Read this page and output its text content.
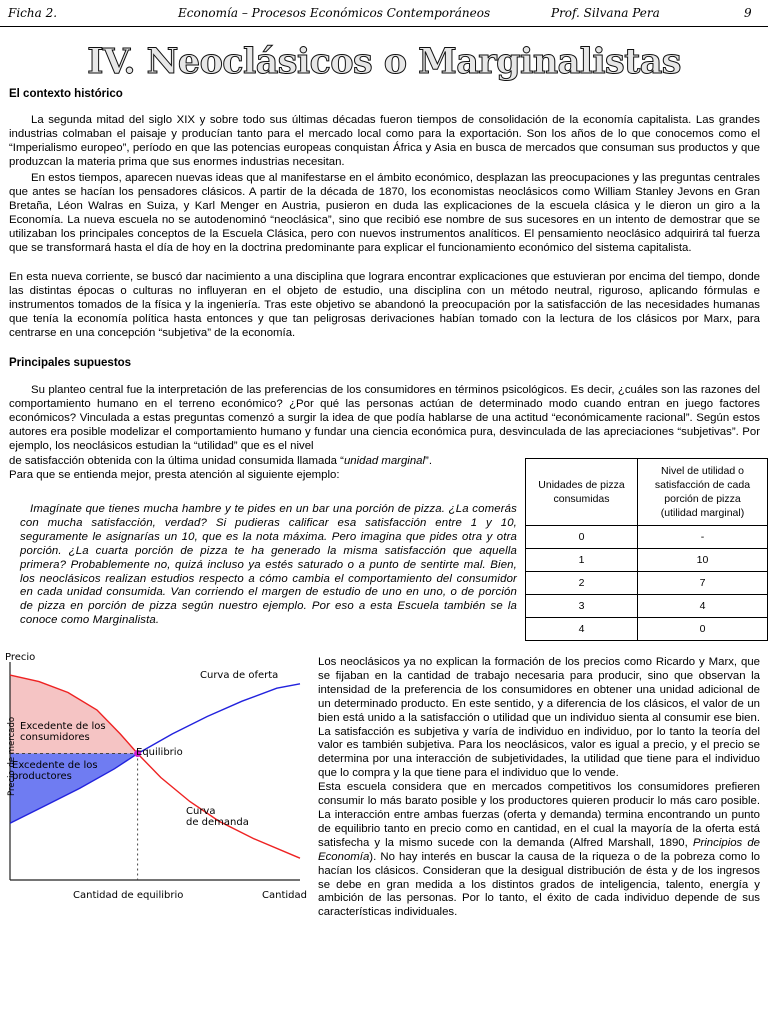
Ficha 2.	Economía – Procesos Económicos Contemporáneos	Prof. Silvana Pera	9
IV. Neoclásicos o Marginalistas
El contexto histórico

La segunda mitad del siglo XIX y sobre todo sus últimas décadas fueron tiempos de consolidación de la economía capitalista. Las grandes industrias colmaban el paisaje y producían tanto para el mercado local como para la exportación. Son los años de lo que conocemos como el “Imperialismo europeo”, período en que las potencias europeas conquistan África y Asia en busca de mercados que consuman sus productos y que produzcan la materia prima que sus enormes industrias necesitan.

En estos tiempos, aparecen nuevas ideas que al manifestarse en el ámbito económico, desplazan las preocupaciones y las preguntas centrales que antes se hacían los pensadores clásicos. A partir de la década de 1870, los economistas neoclásicos como William Stanley Jevons en Gran Bretaña, Léon Walras en Suiza, y Karl Menger en Austria, pusieron en duda las explicaciones de la escuela clásica y le dieron un giro a la Economía. La nueva escuela no se autodenominó “neoclásica”, sino que recibió ese nombre de sus sucesores en un intento de demostrar que se utilizaban los principales conceptos de la Escuela Clásica, pero con nuevos instrumentos analíticos. El pensamiento neoclásico adquirirá tal fuerza que se transformará hasta el día de hoy en la doctrina predominante para explicar el funcionamiento económico del sistema capitalista.

En esta nueva corriente, se buscó dar nacimiento a una disciplina que lograra encontrar explicaciones que estuvieran por encima del tiempo, donde las distintas épocas o culturas no influyeran en el objeto de estudio, una disciplina con un método neutral, riguroso, aplicando fórmulas e instrumentos tomados de la física y la ingeniería. Tras este objetivo se abandonó la preocupación por la satisfacción de las necesidades humanas que tenía la economía política hasta entonces y que tan peligrosas derivaciones habían tomado con la lectura de los clásicos por Marx, para centrarse en una concepción “subjetiva” de la economía.

Principales supuestos

Su planteo central fue la interpretación de las preferencias de los consumidores en términos psicológicos. Es decir, ¿cuáles son las razones del comportamiento humano en el terreno económico? ¿Por qué las personas actúan de determinado modo cuando entran en juego factores económicos? Vinculada a estas preguntas comenzó a surgir la idea de que podía hablarse de una actitud “económicamente racional”. Según estos autores era posible modelizar el comportamiento humano y fundar una ciencia económica pura, desvinculada de las apreciaciones “subjetivas”. Por ejemplo, los neoclásicos estudian la “utilidad” que es el nivel

de satisfacción obtenida con la última unidad consumida llamada “unidad marginal”.

Para que se entienda mejor, presta atención al siguiente ejemplo:

Imagínate que tienes mucha hambre y te pides en un bar una porción de pizza. ¿La comerás con mucha satisfacción, verdad? Si pudieras calificar esa satisfacción entre 1 y 10, seguramente le asignarías un 10, que es la nota máxima. Pero imagina que pides otra y otra porción. ¿La cuarta porción de pizza te ha generado la misma satisfacción que aquella primera? Probablemente no, quizá incluso ya estés saturado o a punto de sentirte mal. Bien, los neoclásicos realizan estudios respecto a cómo cambia el comportamiento del consumidor en cada unidad consumida. Van corriendo el margen de estudio de uno en uno, o de porción de pizza en porción de pizza según nuestro ejemplo. Por eso a esta Escuela también se la conoce como Marginalista.

Unidades de pizza consumidas	Nivel de utilidad o satisfacción de cada porción de pizza (utilidad marginal)

0	-
1	10
2	7
3	4
4	0
Precio
Precio de mercado
Cantidad
Cantidad de equilibrio
Equilibrio
Curva de oferta
Curva de demanda
Excedente de los consumidores
Excedente de los productores

Los neoclásicos ya no explican la formación de los precios como Ricardo y Marx, que se fijaban en la cantidad de trabajo necesaria para producir, sino que observan la intensidad de la preferencia de los consumidores en obtener una unidad adicional de un determinado producto. En este sentido, y a diferencia de los clásicos, el valor de un bien está unido a la satisfacción o utilidad que un individuo sienta al consumir ese bien. La satisfacción es subjetiva y varía de individuo en individuo, por lo tanto la teoría del valor es también subjetiva. Para los neoclásicos, valor es igual a precio, y el precio se determina por una interacción de subjetividades, la utilidad que tiene para el individuo que lo compra y la que tiene para el individuo que lo vende.

Esta escuela considera que en mercados competitivos los consumidores prefieren consumir lo más barato posible y los productores quieren producir lo más caro posible. La interacción entre ambas fuerzas (oferta y demanda) termina encontrando un punto de equilibrio tanto en precio como en cantidad, en el cual la mayoría de la oferta está satisfecha y la mismo sucede con la demanda (Alfred Marshall, 1890, Principios de Economía). No hay interés en buscar la causa de la riqueza o de la pobreza como lo hacían los clásicos. Consideran que la desigual distribución de ésta y de los ingresos se debe en gran medida a los distintos grados de inteligencia, talento, energía y ambición de las personas. Por lo tanto, el éxito de cada individuo depende de sus características individuales.
